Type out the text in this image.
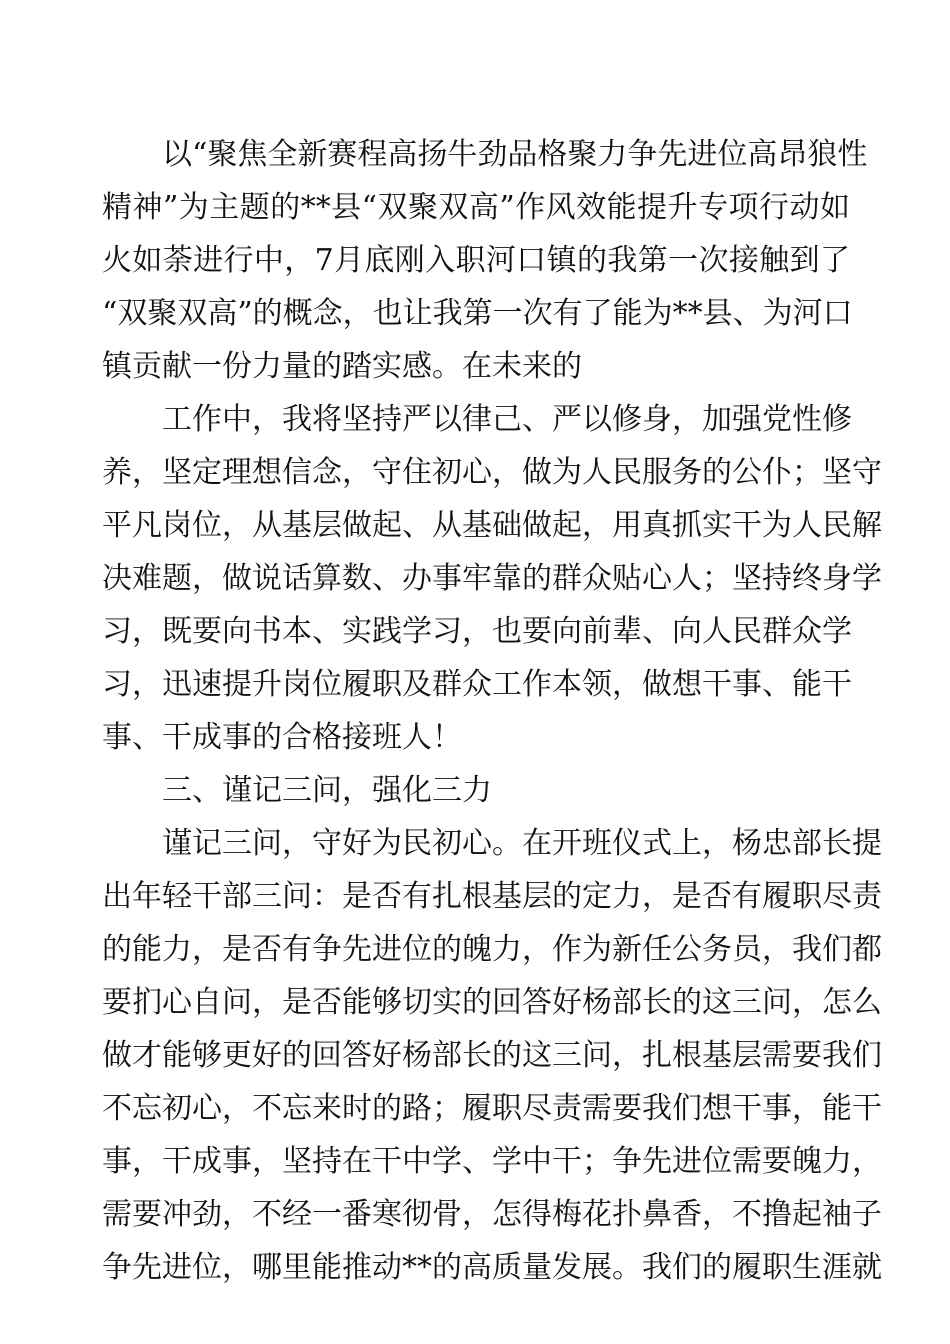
以“聚焦全新赛程高扬牛劲品格聚力争先进位高昂狼性
精神”为主题的**县“双聚双高”作风效能提升专项行动如
火如荼进行中，7月底刚入职河口镇的我第一次接触到了
“双聚双高”的概念，也让我第一次有了能为**县、为河口
镇贡献一份力量的踏实感。在未来的
工作中，我将坚持严以律己、严以修身，加强党性修
养，坚定理想信念，守住初心，做为人民服务的公仆；坚守
平凡岗位，从基层做起、从基础做起，用真抓实干为人民解
决难题，做说话算数、办事牢靠的群众贴心人；坚持终身学
习，既要向书本、实践学习，也要向前辈、向人民群众学
习，迅速提升岗位履职及群众工作本领，做想干事、能干
事、干成事的合格接班人！
三、谨记三问，强化三力
谨记三问，守好为民初心。在开班仪式上，杨忠部长提
出年轻干部三问：是否有扎根基层的定力，是否有履职尽责
的能力，是否有争先进位的魄力，作为新任公务员，我们都
要扪心自问，是否能够切实的回答好杨部长的这三问，怎么
做才能够更好的回答好杨部长的这三问，扎根基层需要我们
不忘初心，不忘来时的路；履职尽责需要我们想干事，能干
事，干成事，坚持在干中学、学中干；争先进位需要魄力，
需要冲劲，不经一番寒彻骨，怎得梅花扑鼻香，不撸起袖子
争先进位，哪里能推动**的高质量发展。我们的履职生涯就
